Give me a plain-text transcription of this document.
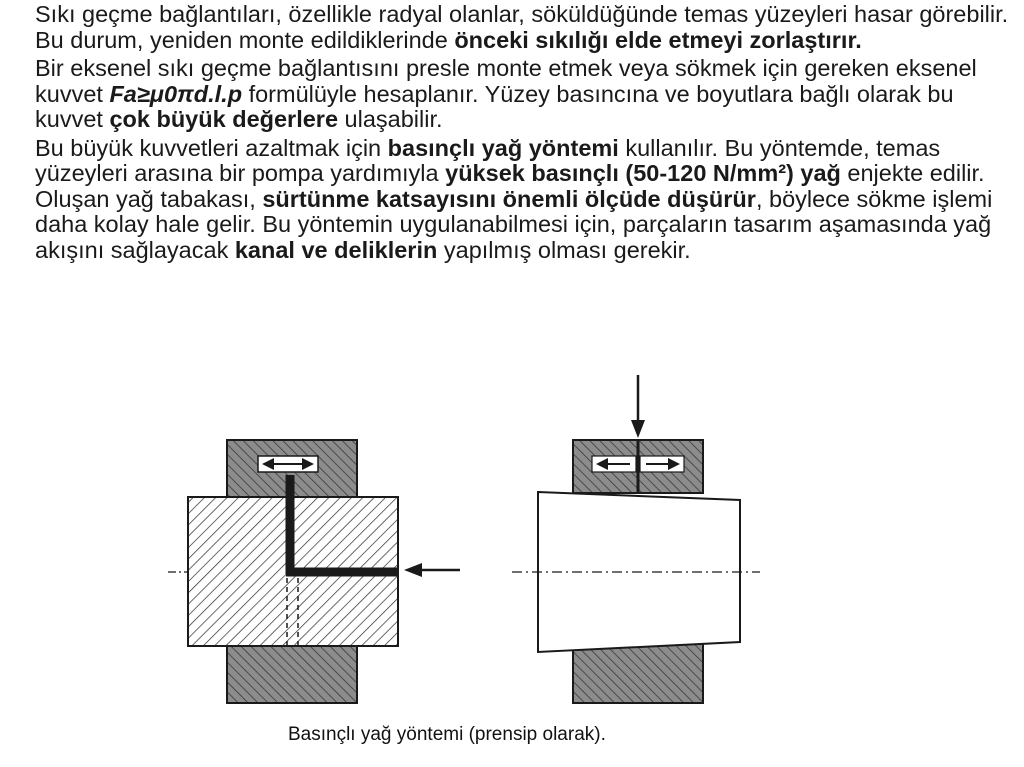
Sıkı geçme bağlantıları, özellikle radyal olanlar, söküldüğünde temas yüzeyleri hasar görebilir. Bu durum, yeniden monte edildiklerinde önceki sıkılığı elde etmeyi zorlaştırır.

Bir eksenel sıkı geçme bağlantısını presle monte etmek veya sökmek için gereken eksenel kuvvet Fa≥μ0πd.l.p formülüyle hesaplanır. Yüzey basıncına ve boyutlara bağlı olarak bu kuvvet çok büyük değerlere ulaşabilir.

Bu büyük kuvvetleri azaltmak için basınçlı yağ yöntemi kullanılır. Bu yöntemde, temas yüzeyleri arasına bir pompa yardımıyla yüksek basınçlı (50-120 N/mm²) yağ enjekte edilir. Oluşan yağ tabakası, sürtünme katsayısını önemli ölçüde düşürür, böylece sökme işlemi daha kolay hale gelir. Bu yöntemin uygulanabilmesi için, parçaların tasarım aşamasında yağ akışını sağlayacak kanal ve deliklerin yapılmış olması gerekir.

Basınçlı yağ yöntemi (prensip olarak).
